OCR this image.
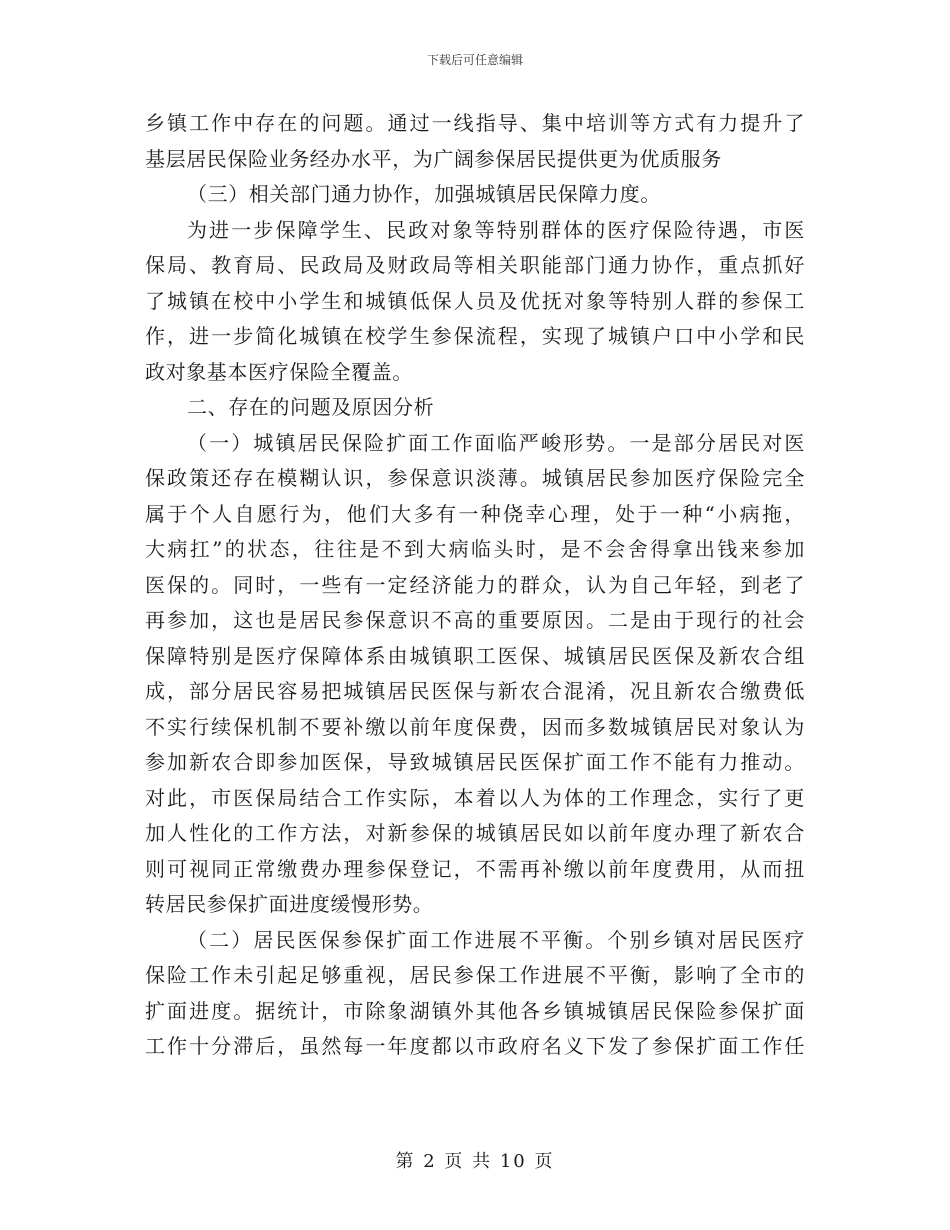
下载后可任意编辑
乡镇工作中存在的问题。通过一线指导、集中培训等方式有力提升了
基层居民保险业务经办水平，为广阔参保居民提供更为优质服务
（三）相关部门通力协作，加强城镇居民保障力度。
为进一步保障学生、民政对象等特别群体的医疗保险待遇，市医
保局、教育局、民政局及财政局等相关职能部门通力协作，重点抓好
了城镇在校中小学生和城镇低保人员及优抚对象等特别人群的参保工
作，进一步简化城镇在校学生参保流程，实现了城镇户口中小学和民
政对象基本医疗保险全覆盖。
二、存在的问题及原因分析
（一）城镇居民保险扩面工作面临严峻形势。一是部分居民对医
保政策还存在模糊认识，参保意识淡薄。城镇居民参加医疗保险完全
属于个人自愿行为，他们大多有一种侥幸心理，处于一种“小病拖，
大病扛”的状态，往往是不到大病临头时，是不会舍得拿出钱来参加
医保的。同时，一些有一定经济能力的群众，认为自己年轻，到老了
再参加，这也是居民参保意识不高的重要原因。二是由于现行的社会
保障特别是医疗保障体系由城镇职工医保、城镇居民医保及新农合组
成，部分居民容易把城镇居民医保与新农合混淆，况且新农合缴费低
不实行续保机制不要补缴以前年度保费，因而多数城镇居民对象认为
参加新农合即参加医保，导致城镇居民医保扩面工作不能有力推动。
对此，市医保局结合工作实际，本着以人为体的工作理念，实行了更
加人性化的工作方法，对新参保的城镇居民如以前年度办理了新农合
则可视同正常缴费办理参保登记，不需再补缴以前年度费用，从而扭
转居民参保扩面进度缓慢形势。
（二）居民医保参保扩面工作进展不平衡。个别乡镇对居民医疗
保险工作未引起足够重视，居民参保工作进展不平衡，影响了全市的
扩面进度。据统计，市除象湖镇外其他各乡镇城镇居民保险参保扩面
工作十分滞后，虽然每一年度都以市政府名义下发了参保扩面工作任
第 2 页 共 10 页
